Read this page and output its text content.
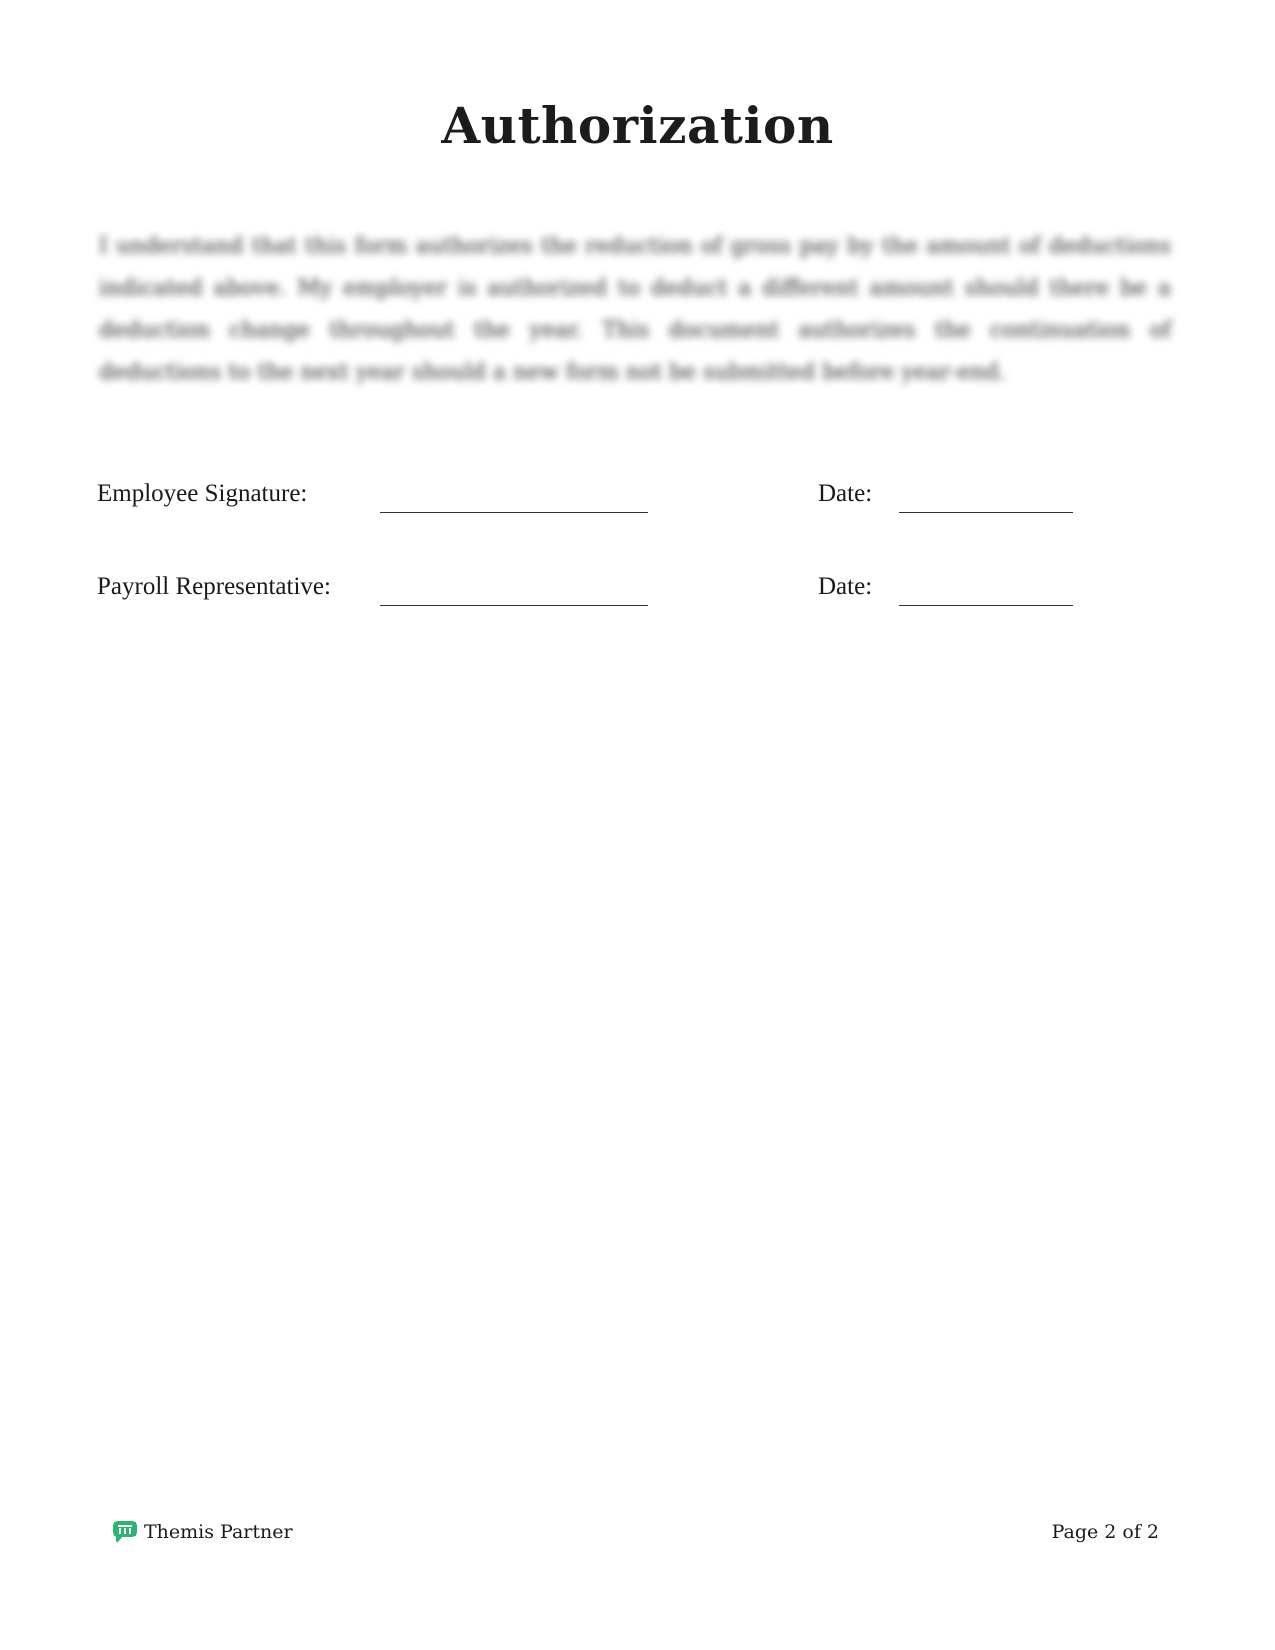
Authorization

I understand that this form authorizes the reduction of gross pay by the amount of deductions indicated above. My employer is authorized to deduct a different amount should there be a deduction change throughout the year. This document authorizes the continuation of deductions to the next year should a new form not be submitted before year-end.

Employee Signature:	Date:
Payroll Representative:	Date:
Themis Partner	Page 2 of 2
